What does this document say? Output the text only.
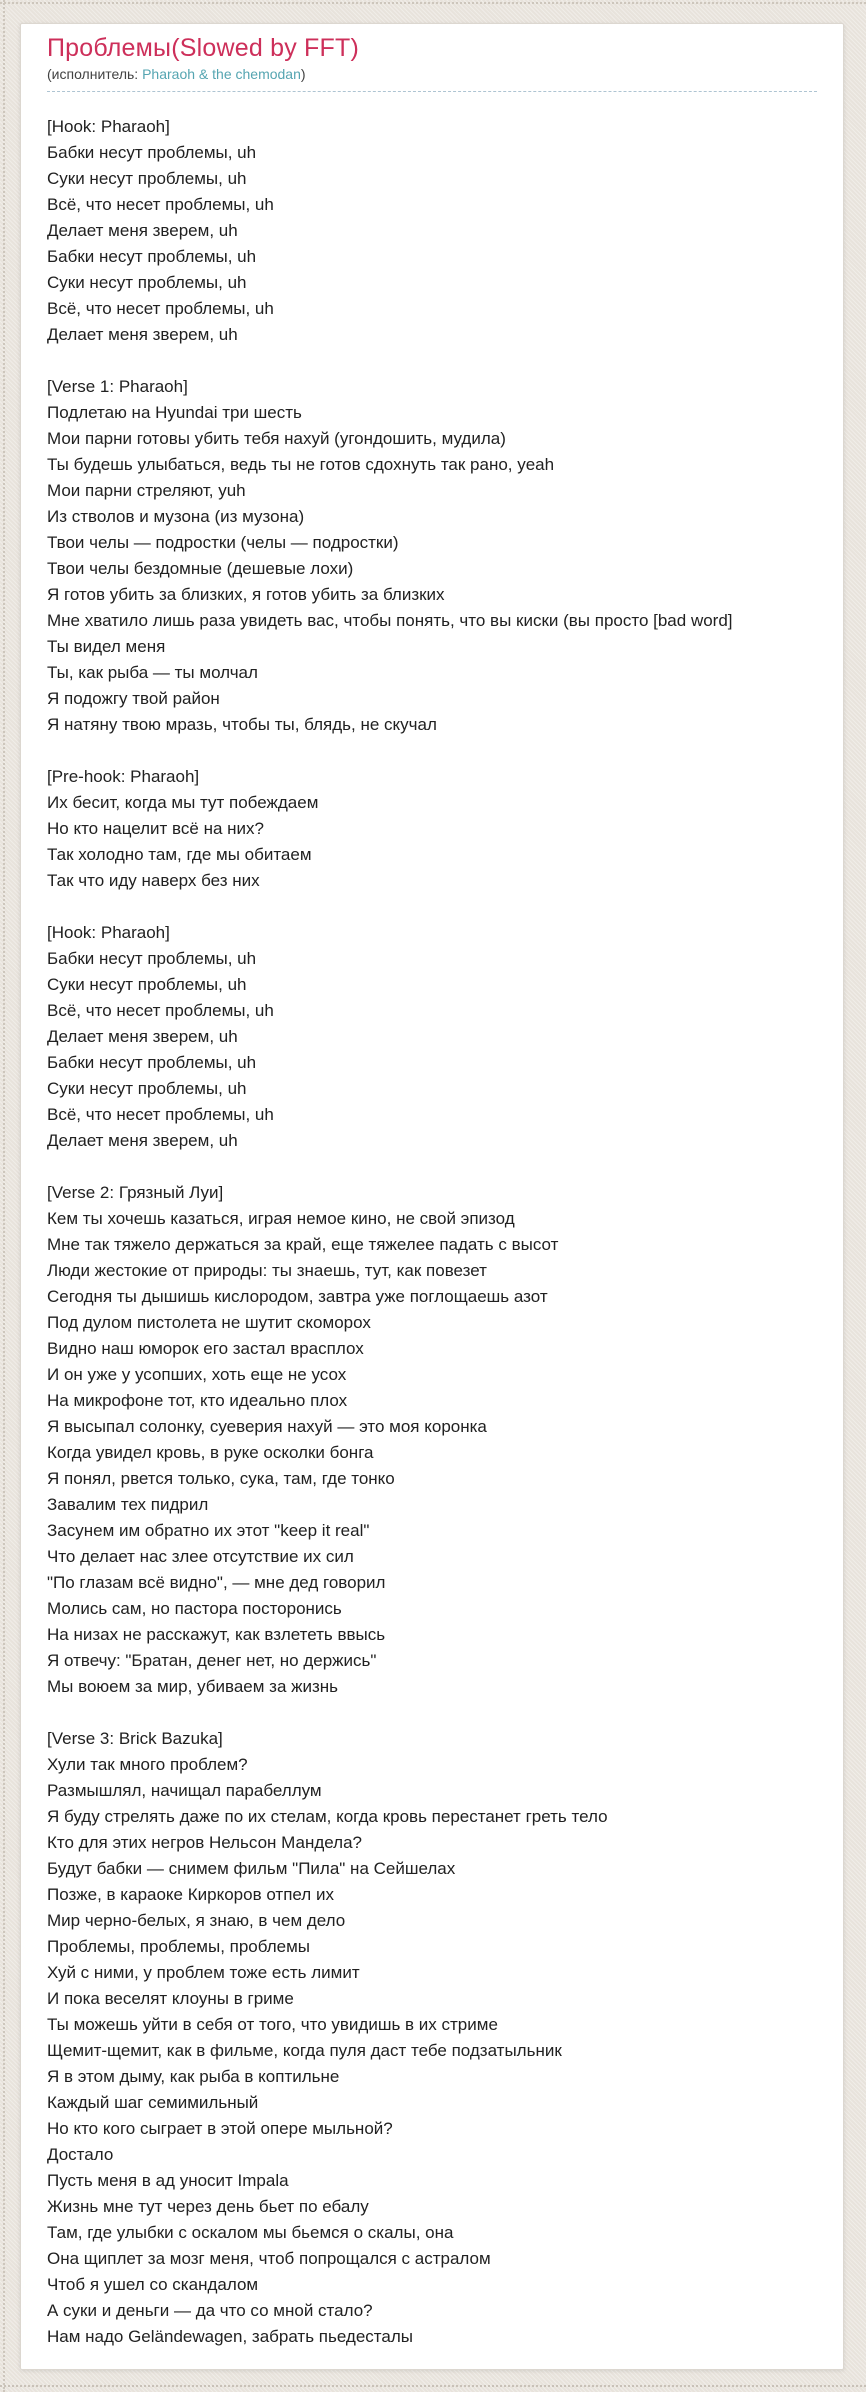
Проблемы(Slowed by FFT)
(исполнитель: Pharaoh & the chemodan)
[Hook: Pharaoh]
Бабки несут проблемы, uh
Суки несут проблемы, uh
Всё, что несет проблемы, uh
Делает меня зверем, uh
Бабки несут проблемы, uh
Суки несут проблемы, uh
Всё, что несет проблемы, uh
Делает меня зверем, uh
[Verse 1: Pharaoh]
Подлетаю на Hyundai три шесть
Мои парни готовы убить тебя нахуй (угондошить, мудила)
Ты будешь улыбаться, ведь ты не готов сдохнуть так рано, yeah
Мои парни стреляют, yuh
Из стволов и музона (из музона)
Твои челы — подростки (челы — подростки)
Твои челы бездомные (дешевые лохи)
Я готов убить за близких, я готов убить за близких
Мне хватило лишь раза увидеть вас, чтобы понять, что вы киски (вы просто [bad word]
Ты видел меня
Ты, как рыба — ты молчал
Я подожгу твой район
Я натяну твою мразь, чтобы ты, блядь, не скучал
[Pre-hook: Pharaoh]
Их бесит, когда мы тут побеждаем
Но кто нацелит всё на них?
Так холодно там, где мы обитаем
Так что иду наверх без них
[Hook: Pharaoh]
Бабки несут проблемы, uh
Суки несут проблемы, uh
Всё, что несет проблемы, uh
Делает меня зверем, uh
Бабки несут проблемы, uh
Суки несут проблемы, uh
Всё, что несет проблемы, uh
Делает меня зверем, uh
[Verse 2: Грязный Луи]
Кем ты хочешь казаться, играя немое кино, не свой эпизод
Мне так тяжело держаться за край, еще тяжелее падать с высот
Люди жестокие от природы: ты знаешь, тут, как повезет
Сегодня ты дышишь кислородом, завтра уже поглощаешь азот
Под дулом пистолета не шутит скоморох
Видно наш юморок его застал врасплох
И он уже у усопших, хоть еще не усох
На микрофоне тот, кто идеально плох
Я высыпал солонку, суеверия нахуй — это моя коронка
Когда увидел кровь, в руке осколки бонга
Я понял, рвется только, сука, там, где тонко
Завалим тех пидрил
Засунем им обратно их этот "keep it real"
Что делает нас злее отсутствие их сил
"По глазам всё видно", — мне дед говорил
Молись сам, но пастора посторонись
На низах не расскажут, как взлететь ввысь
Я отвечу: "Братан, денег нет, но держись"
Мы воюем за мир, убиваем за жизнь
[Verse 3: Brick Bazuka]
Хули так много проблем?
Размышлял, начищал парабеллум
Я буду стрелять даже по их стелам, когда кровь перестанет греть тело
Кто для этих негров Нельсон Мандела?
Будут бабки — снимем фильм "Пила" на Сейшелах
Позже, в караоке Киркоров отпел их
Мир черно-белых, я знаю, в чем дело
Проблемы, проблемы, проблемы
Хуй с ними, у проблем тоже есть лимит
И пока веселят клоуны в гриме
Ты можешь уйти в себя от того, что увидишь в их стриме
Щемит-щемит, как в фильме, когда пуля даст тебе подзатыльник
Я в этом дыму, как рыба в коптильне
Каждый шаг семимильный
Но кто кого сыграет в этой опере мыльной?
Достало
Пусть меня в ад уносит Impala
Жизнь мне тут через день бьет по ебалу
Там, где улыбки с оскалом мы бьемся о скалы, она
Она щиплет за мозг меня, чтоб попрощался с астралом
Чтоб я ушел со скандалом
А суки и деньги — да что со мной стало?
Нам надо Geländewagen, забрать пьедесталы
